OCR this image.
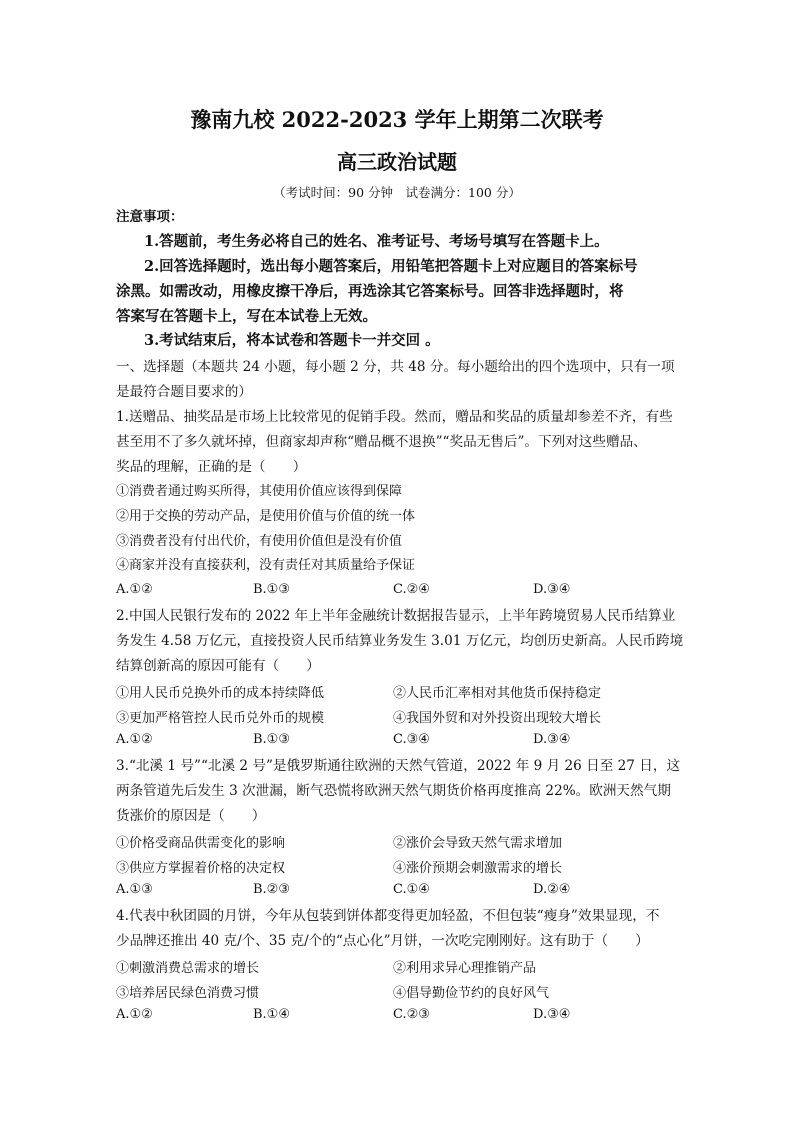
豫南九校 2022-2023 学年上期第二次联考
高三政治试题
（考试时间：90 分钟　试卷满分：100 分）
注意事项：
1.答题前，考生务必将自己的姓名、准考证号、考场号填写在答题卡上。
2.回答选择题时，选出每小题答案后，用铅笔把答题卡上对应题目的答案标号
涂黑。如需改动，用橡皮擦干净后，再选涂其它答案标号。回答非选择题时，将
答案写在答题卡上，写在本试卷上无效。
3.考试结束后，将本试卷和答题卡一并交回 。
一、选择题（本题共 24 小题，每小题 2 分，共 48 分。每小题给出的四个选项中，只有一项
是最符合题目要求的）
1.送赠品、抽奖品是市场上比较常见的促销手段。然而，赠品和奖品的质量却参差不齐，有些
甚至用不了多久就坏掉，但商家却声称“赠品概不退换”“奖品无售后”。下列对这些赠品、
奖品的理解，正确的是（　　）
①消费者通过购买所得，其使用价值应该得到保障
②用于交换的劳动产品，是使用价值与价值的统一体
③消费者没有付出代价，有使用价值但是没有价值
④商家并没有直接获利，没有责任对其质量给予保证
A.①②	B.①③	C.②④	D.③④
2.中国人民银行发布的 2022 年上半年金融统计数据报告显示，上半年跨境贸易人民币结算业
务发生 4.58 万亿元，直接投资人民币结算业务发生 3.01 万亿元，均创历史新高。人民币跨境
结算创新高的原因可能有（　　）
①用人民币兑换外币的成本持续降低	②人民币汇率相对其他货币保持稳定
③更加严格管控人民币兑外币的规模	④我国外贸和对外投资出现较大增长
A.①②	B.①③	C.③④	D.③④
3.“北溪 1 号”“北溪 2 号”是俄罗斯通往欧洲的天然气管道，2022 年 9 月 26 日至 27 日，这
两条管道先后发生 3 次泄漏，断气恐慌将欧洲天然气期货价格再度推高 22%。欧洲天然气期
货涨价的原因是（　　）
①价格受商品供需变化的影响	②涨价会导致天然气需求增加
③供应方掌握着价格的决定权	④涨价预期会刺激需求的增长
A.①③	B.②③	C.①④	D.②④
4.代表中秋团圆的月饼，今年从包装到饼体都变得更加轻盈，不但包装“瘦身”效果显现，不
少品牌还推出 40 克/个、35 克/个的“点心化”月饼，一次吃完刚刚好。这有助于（　　）
①刺激消费总需求的增长	②利用求异心理推销产品
③培养居民绿色消费习惯	④倡导勤俭节约的良好风气
A.①②	B.①④	C.②③	D.③④
